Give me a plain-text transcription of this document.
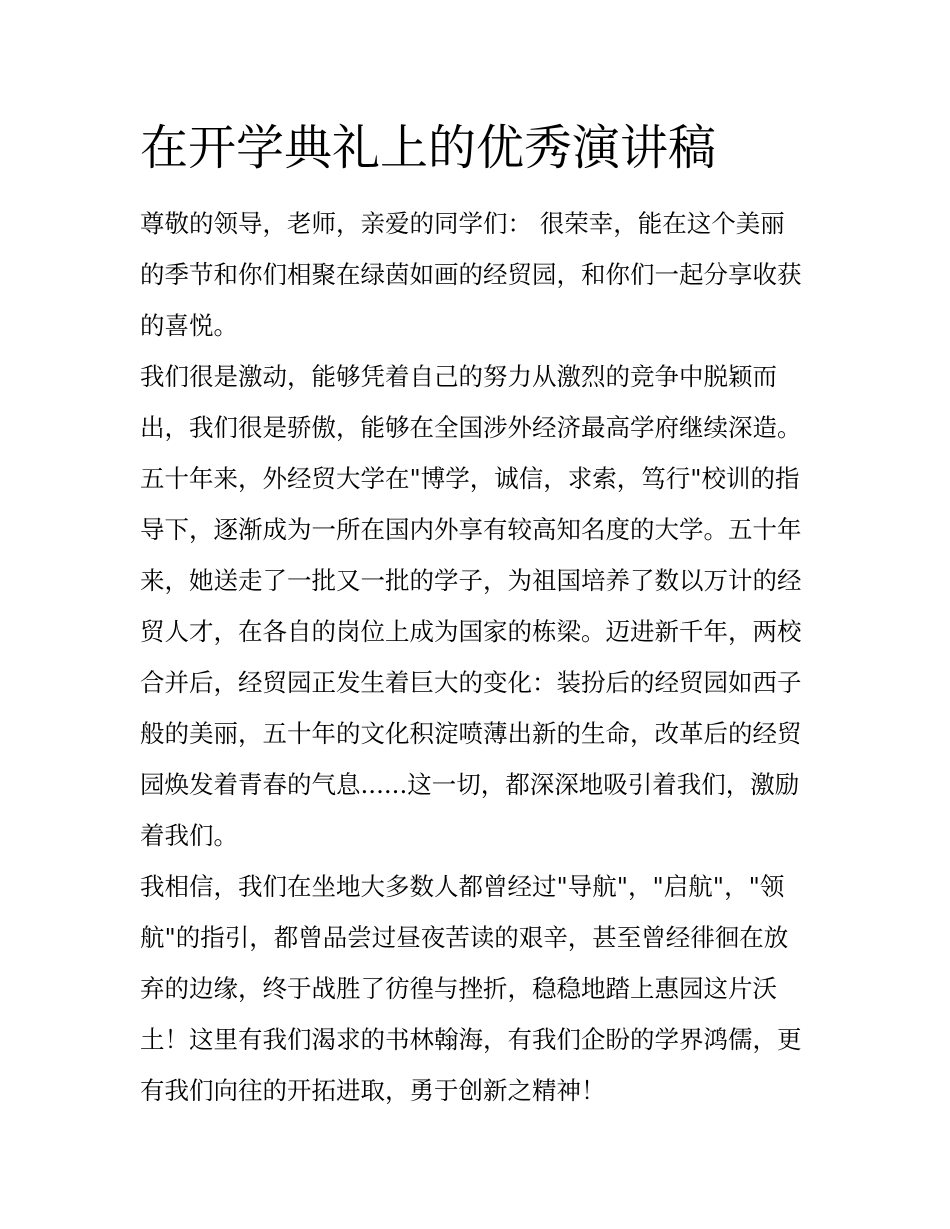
在开学典礼上的优秀演讲稿
尊敬的领导，老师，亲爱的同学们： 很荣幸，能在这个美丽
的季节和你们相聚在绿茵如画的经贸园，和你们一起分享收获
的喜悦。
我们很是激动，能够凭着自己的努力从激烈的竞争中脱颖而
出，我们很是骄傲，能够在全国涉外经济最高学府继续深造。
五十年来，外经贸大学在"博学，诚信，求索，笃行"校训的指
导下，逐渐成为一所在国内外享有较高知名度的大学。五十年
来，她送走了一批又一批的学子，为祖国培养了数以万计的经
贸人才，在各自的岗位上成为国家的栋梁。迈进新千年，两校
合并后，经贸园正发生着巨大的变化：装扮后的经贸园如西子
般的美丽，五十年的文化积淀喷薄出新的生命，改革后的经贸
园焕发着青春的气息......这一切，都深深地吸引着我们，激励
着我们。
我相信，我们在坐地大多数人都曾经过"导航"，"启航"，"领
航"的指引，都曾品尝过昼夜苦读的艰辛，甚至曾经徘徊在放
弃的边缘，终于战胜了彷徨与挫折，稳稳地踏上惠园这片沃
土！这里有我们渴求的书林翰海，有我们企盼的学界鸿儒，更
有我们向往的开拓进取，勇于创新之精神！
